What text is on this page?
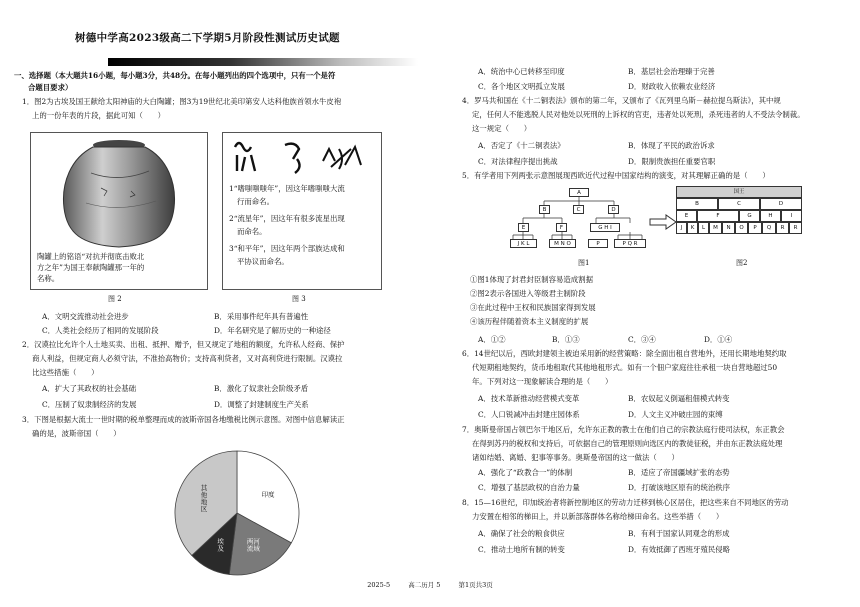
树德中学高2023级高二下学期5月阶段性测试历史试题
一、选择题（本大题共16小题，每小题3分，共48分。在每小题列出的四个选项中，只有一个是符
合题目要求）
1．图2为古埃及国王献给太阳神庙的大白陶罐；图3为19世纪北美印第安人达科他族首领水牛皮袍
上的一份年表的片段，据此可知（　　）
陶罐上的铭语“对抗并彻底击败北
方之年”为国王奉献陶罐那一年的
名称。
图 2
1“嗜嗤嗤嗤年”，因这年嗜嗤嗤大流
行而命名。
2“流星年”，因这年有很多流星出现
而命名。
3“和平年”，因这年两个部族达成和
平协议而命名。
图 3
A．文明交流推动社会进步	B．采用事件纪年具有普遍性
C．人类社会经历了相同的发展阶段	D．年名研究是了解历史的一种途径
2．汉谟拉比允许个人土地买卖、出租、抵押、赠予，但又规定了地租的额度，允许私人经商、保护
商人利益，但规定商人必须守法，不准抬高物价；支持高利贷者，又对高利贷进行限制。汉谟拉
比这些措施（　　）
A．扩大了其政权的社会基础	B．激化了奴隶社会阶级矛盾
C．压制了奴隶制经济的发展	D．调整了封建制度生产关系
3．下图是根据大流士一世时期的税单整理而成的波斯帝国各地缴税比例示意图。对图中信息解读正
确的是，波斯帝国（　　）
印度
两河流域
埃及
其他地区
A．统治中心已转移至印度	B．基层社会治理臻于完善
C．各个地区文明孤立发展	D．财政收入依赖农业经济
4．罗马共和国在《十二铜表法》颁布的第二年，又颁布了《瓦列里乌斯－赫拉提乌斯法》，其中规
定，任何人不能逃脱人民对他处以死刑的上诉权的官吏，违者处以死刑，杀死违者的人不受法令制裁。
这一规定（　　）
A．否定了《十二铜表法》	B．体现了平民的政治诉求
C．对法律程序提出挑战	D．限制贵族担任重要官职
5．有学者用下列两张示意图展现西欧近代过程中国家结构的演变，对其理解正确的是（　　）
A
B	C	D
E	F	G H I
J K L	M N O	P	P Q R
图1
国王
B	C	D
E	F	G	H	I
J	K	L	M	N	O	P	Q	R	R
图2
①图1体现了封君封臣制容易造成割据
②图2表示各国进入等级君主制阶段
③在此过程中王权和民族国家得到发展
④该历程伴随着资本主义制度的扩展
A．①②	B．①③	C．③④	D．①④
6．14世纪以后，西欧封建领主被迫采用新的经营策略：除全面出租自营地外，还用长期地地契约取
代短期租地契约，货币地租取代其他地租形式。如有一个佃户家庭往往承租一块自营地超过50
年。下列对这一现象解读合理的是（　　）
A．技术革新推动经营模式变革	B．农奴起义倒逼租佃模式转变
C．人口锐减冲击封建庄园体系	D．人文主义冲破庄园的束缚
7．奥斯曼帝国占领巴尔干地区后，允许东正教的教士在他们自己的宗教法庭行使司法权，东正教会
在得到苏丹的税权和支持后，可依据自己的管理原则向选区内的教徒征税，并由东正教法庭处理
诸如结婚、离婚、犯事等事务。奥斯曼帝国的这一做法（　　）
A．强化了“政教合一”的体制	B．适应了帝国疆域扩张的态势
C．增强了基层政权的自治力量	D．打破该地区原有的统治秩序
8．15—16世纪，印加统治者将新控制地区的劳动力迁移到核心区居住，把这些来自不同地区的劳动
力安置在相邻的梯田上，并以新部落群体名称给梯田命名。这些举措（　　）
A．确保了社会的粮食供应	B．有利于国家认同观念的形成
C．推动土地所有制的转变	D．有效抵御了西班牙殖民侵略
2025-5	高二历月 5	第1页共3页
